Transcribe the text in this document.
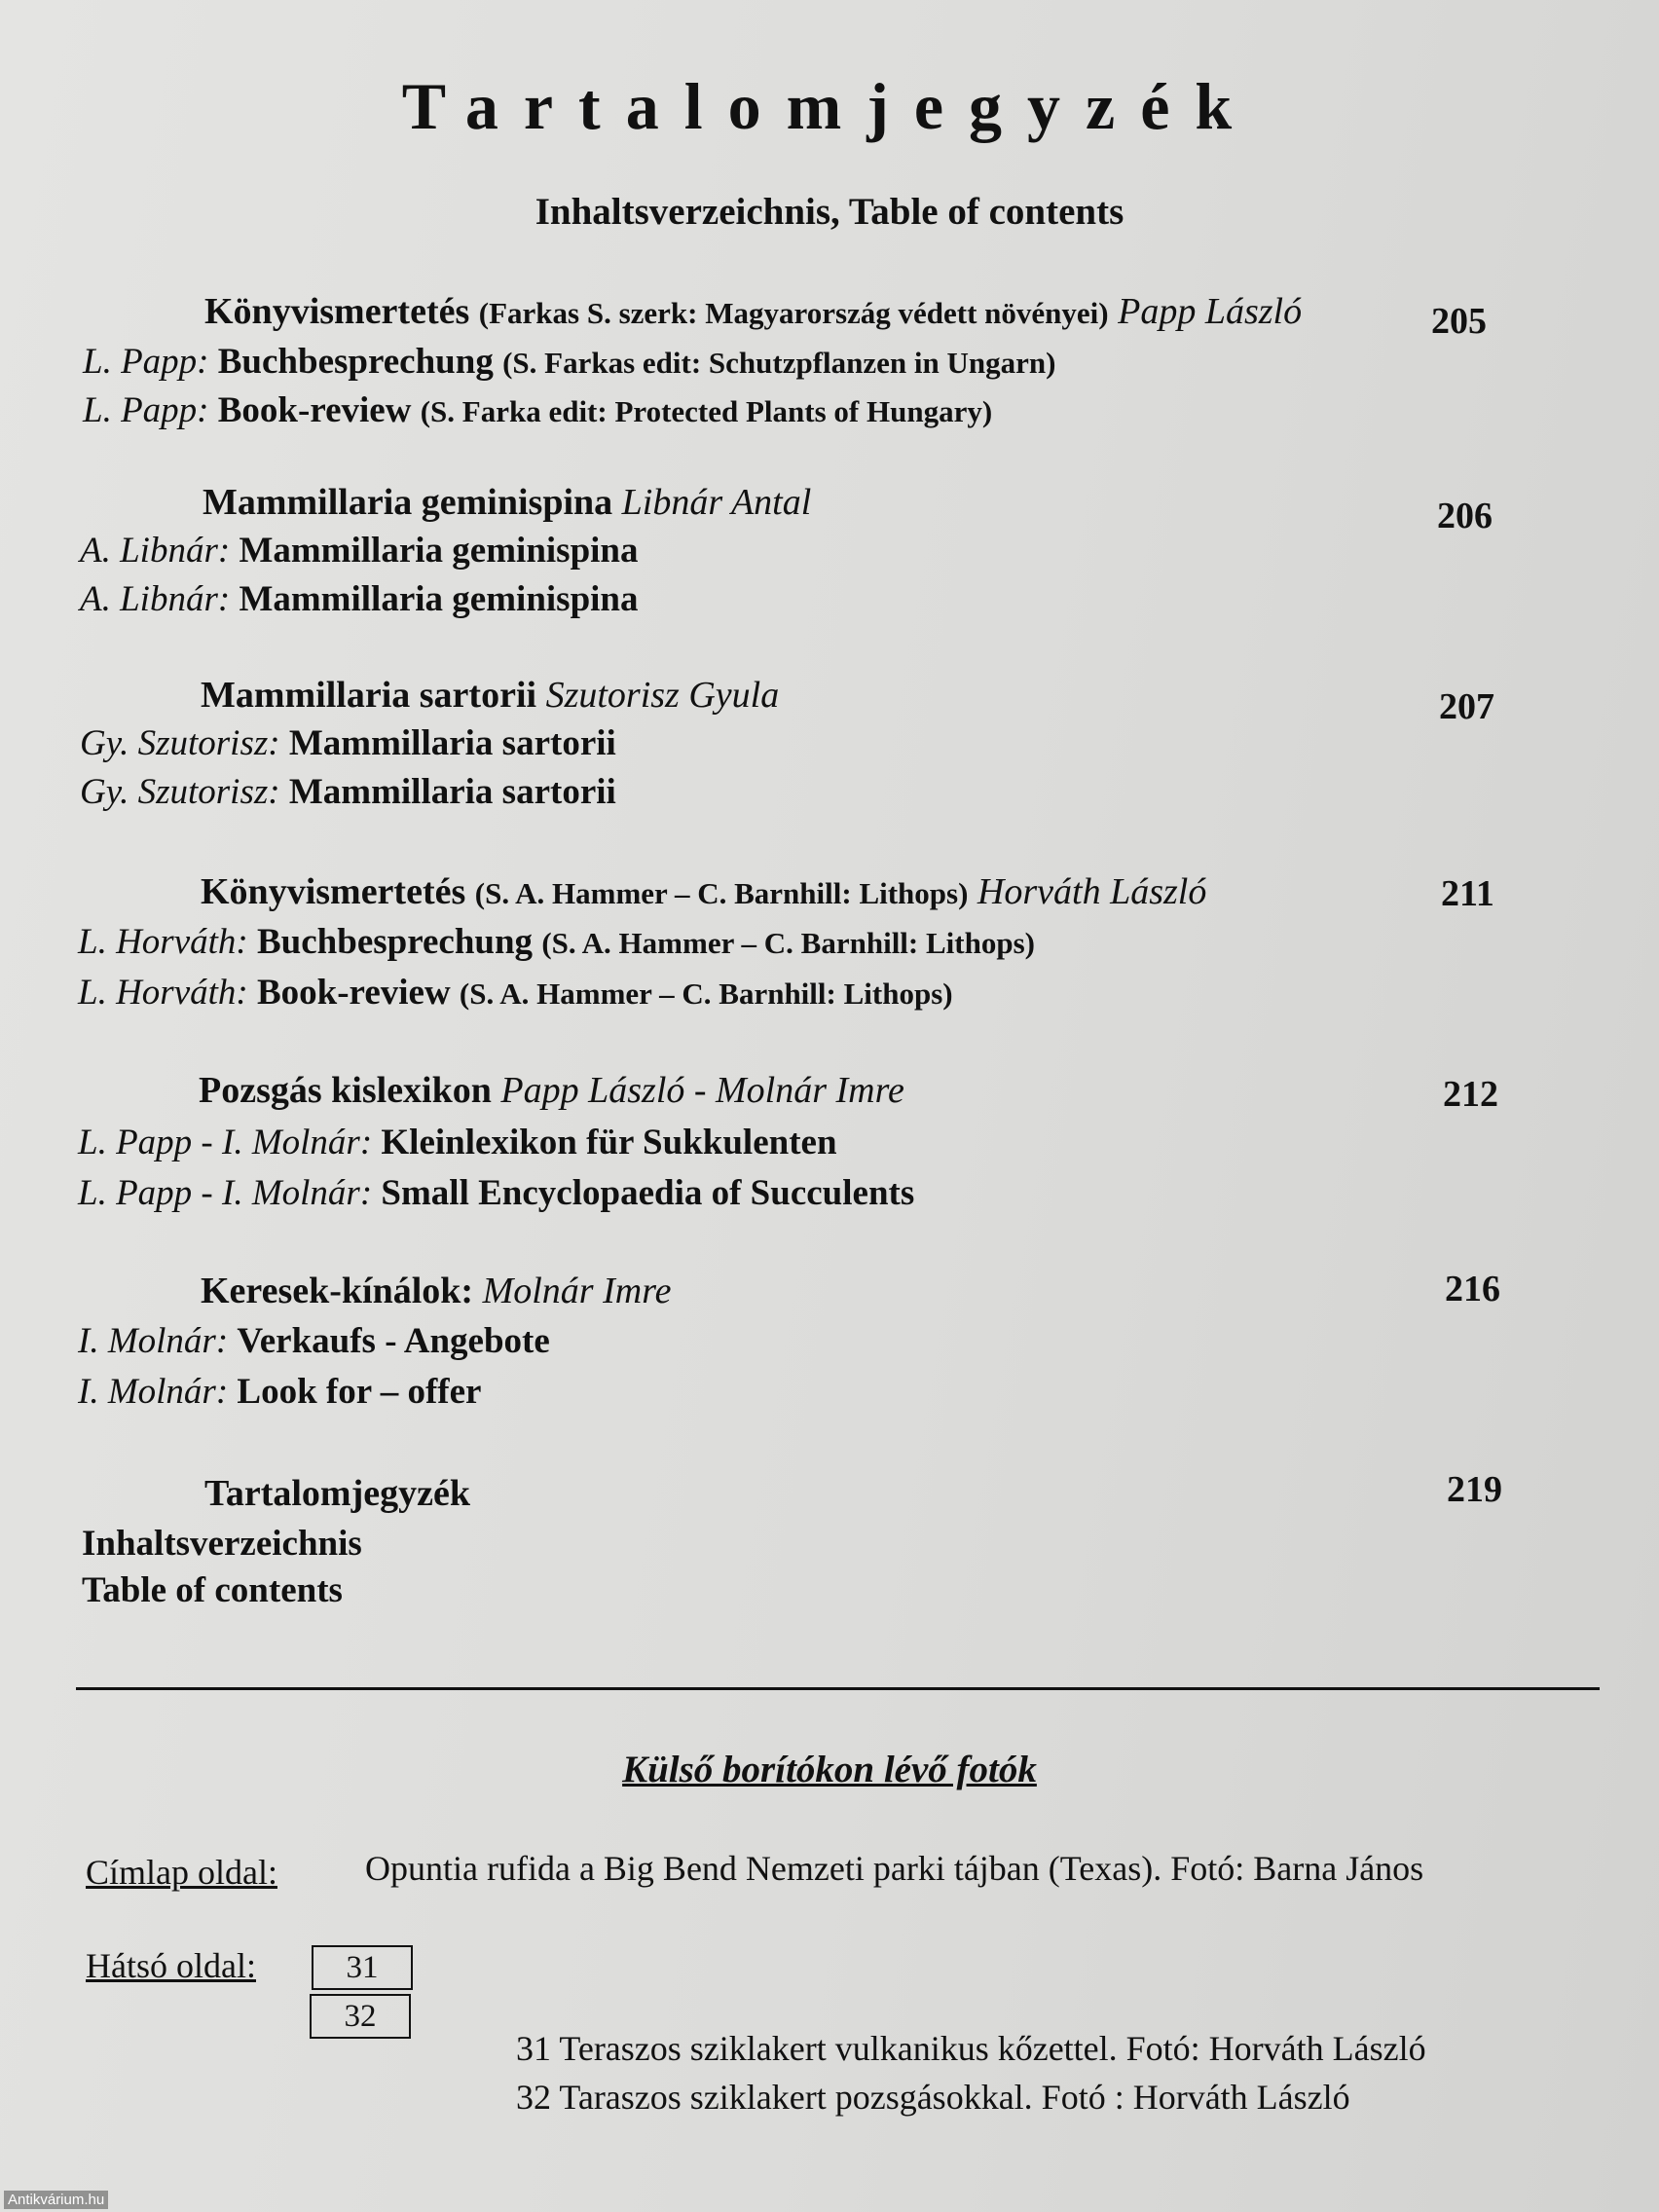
Tartalomjegyzék
Inhaltsverzeichnis, Table of contents
Könyvismertetés (Farkas S. szerk: Magyarország védett növényei) Papp László	205
L. Papp: Buchbesprechung (S. Farkas edit: Schutzpflanzen in Ungarn)
L. Papp: Book-review (S. Farka edit: Protected Plants of Hungary)
Mammillaria geminispina Libnár Antal	206
A. Libnár: Mammillaria geminispina
A. Libnár: Mammillaria geminispina
Mammillaria sartorii Szutorisz Gyula	207
Gy. Szutorisz: Mammillaria sartorii
Gy. Szutorisz: Mammillaria sartorii
Könyvismertetés (S. A. Hammer – C. Barnhill: Lithops) Horváth László	211
L. Horváth: Buchbesprechung (S. A. Hammer – C. Barnhill: Lithops)
L. Horváth: Book-review (S. A. Hammer – C. Barnhill: Lithops)
Pozsgás kislexikon Papp László - Molnár Imre	212
L. Papp - I. Molnár: Kleinlexikon für Sukkulenten
L. Papp - I. Molnár: Small Encyclopaedia of Succulents
Keresek-kínálok: Molnár Imre	216
I. Molnár: Verkaufs - Angebote
I. Molnár: Look for – offer
Tartalomjegyzék	219
Inhaltsverzeichnis
Table of contents
Külső borítókon lévő fotók
Címlap oldal:	Opuntia rufida a Big Bend Nemzeti parki tájban (Texas). Fotó: Barna János
Hátsó oldal:	31
32
31 Teraszos sziklakert vulkanikus kőzettel. Fotó: Horváth László
32 Taraszos sziklakert pozsgásokkal. Fotó : Horváth László
Antikvárium.hu
